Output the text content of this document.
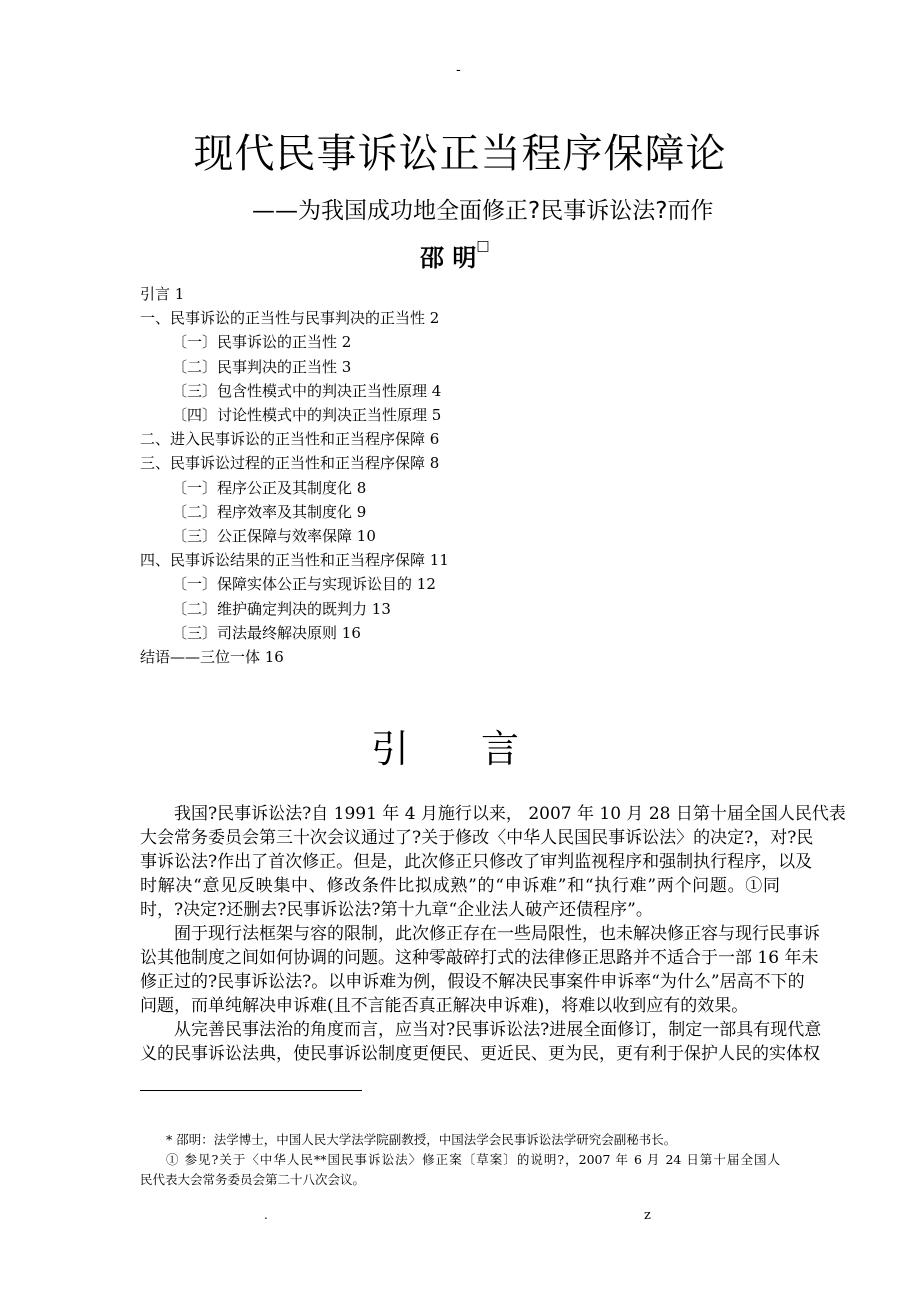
-
现代民事诉讼正当程序保障论
——为我国成功地全面修正?民事诉讼法?而作
邵 明□
引言 1
一、民事诉讼的正当性与民事判决的正当性 2
〔一〕民事诉讼的正当性 2
〔二〕民事判决的正当性 3
〔三〕包含性模式中的判决正当性原理 4
〔四〕讨论性模式中的判决正当性原理 5
二、进入民事诉讼的正当性和正当程序保障 6
三、民事诉讼过程的正当性和正当程序保障 8
〔一〕程序公正及其制度化 8
〔二〕程序效率及其制度化 9
〔三〕公正保障与效率保障 10
四、民事诉讼结果的正当性和正当程序保障 11
〔一〕保障实体公正与实现诉讼目的 12
〔二〕维护确定判决的既判力 13
〔三〕司法最终解决原则 16
结语——三位一体 16
引 言
我国?民事诉讼法?自 1991 年 4 月施行以来， 2007 年 10 月 28 日第十届全国人民代表
大会常务委员会第三十次会议通过了?关于修改〈中华人民国民事诉讼法〉的决定?，对?民
事诉讼法?作出了首次修正。但是，此次修正只修改了审判监视程序和强制执行程序，以及
时解决“意见反映集中、修改条件比拟成熟”的“申诉难”和“执行难”两个问题。①同
时，?决定?还删去?民事诉讼法?第十九章“企业法人破产还债程序”。
囿于现行法框架与容的限制，此次修正存在一些局限性，也未解决修正容与现行民事诉
讼其他制度之间如何协调的问题。这种零敲碎打式的法律修正思路并不适合于一部 16 年未
修正过的?民事诉讼法?。以申诉难为例，假设不解决民事案件申诉率“为什么”居高不下的
问题，而单纯解决申诉难(且不言能否真正解决申诉难)，将难以收到应有的效果。
从完善民事法治的角度而言，应当对?民事诉讼法?进展全面修订，制定一部具有现代意
义的民事诉讼法典，使民事诉讼制度更便民、更近民、更为民，更有利于保护人民的实体权
* 邵明：法学博士，中国人民大学法学院副教授，中国法学会民事诉讼法学研究会副秘书长。
① 参见?关于〈中华人民**国民事诉讼法〉修正案〔草案〕的说明?，2007 年 6 月 24 日第十届全国人
民代表大会常务委员会第二十八次会议。
.	z
